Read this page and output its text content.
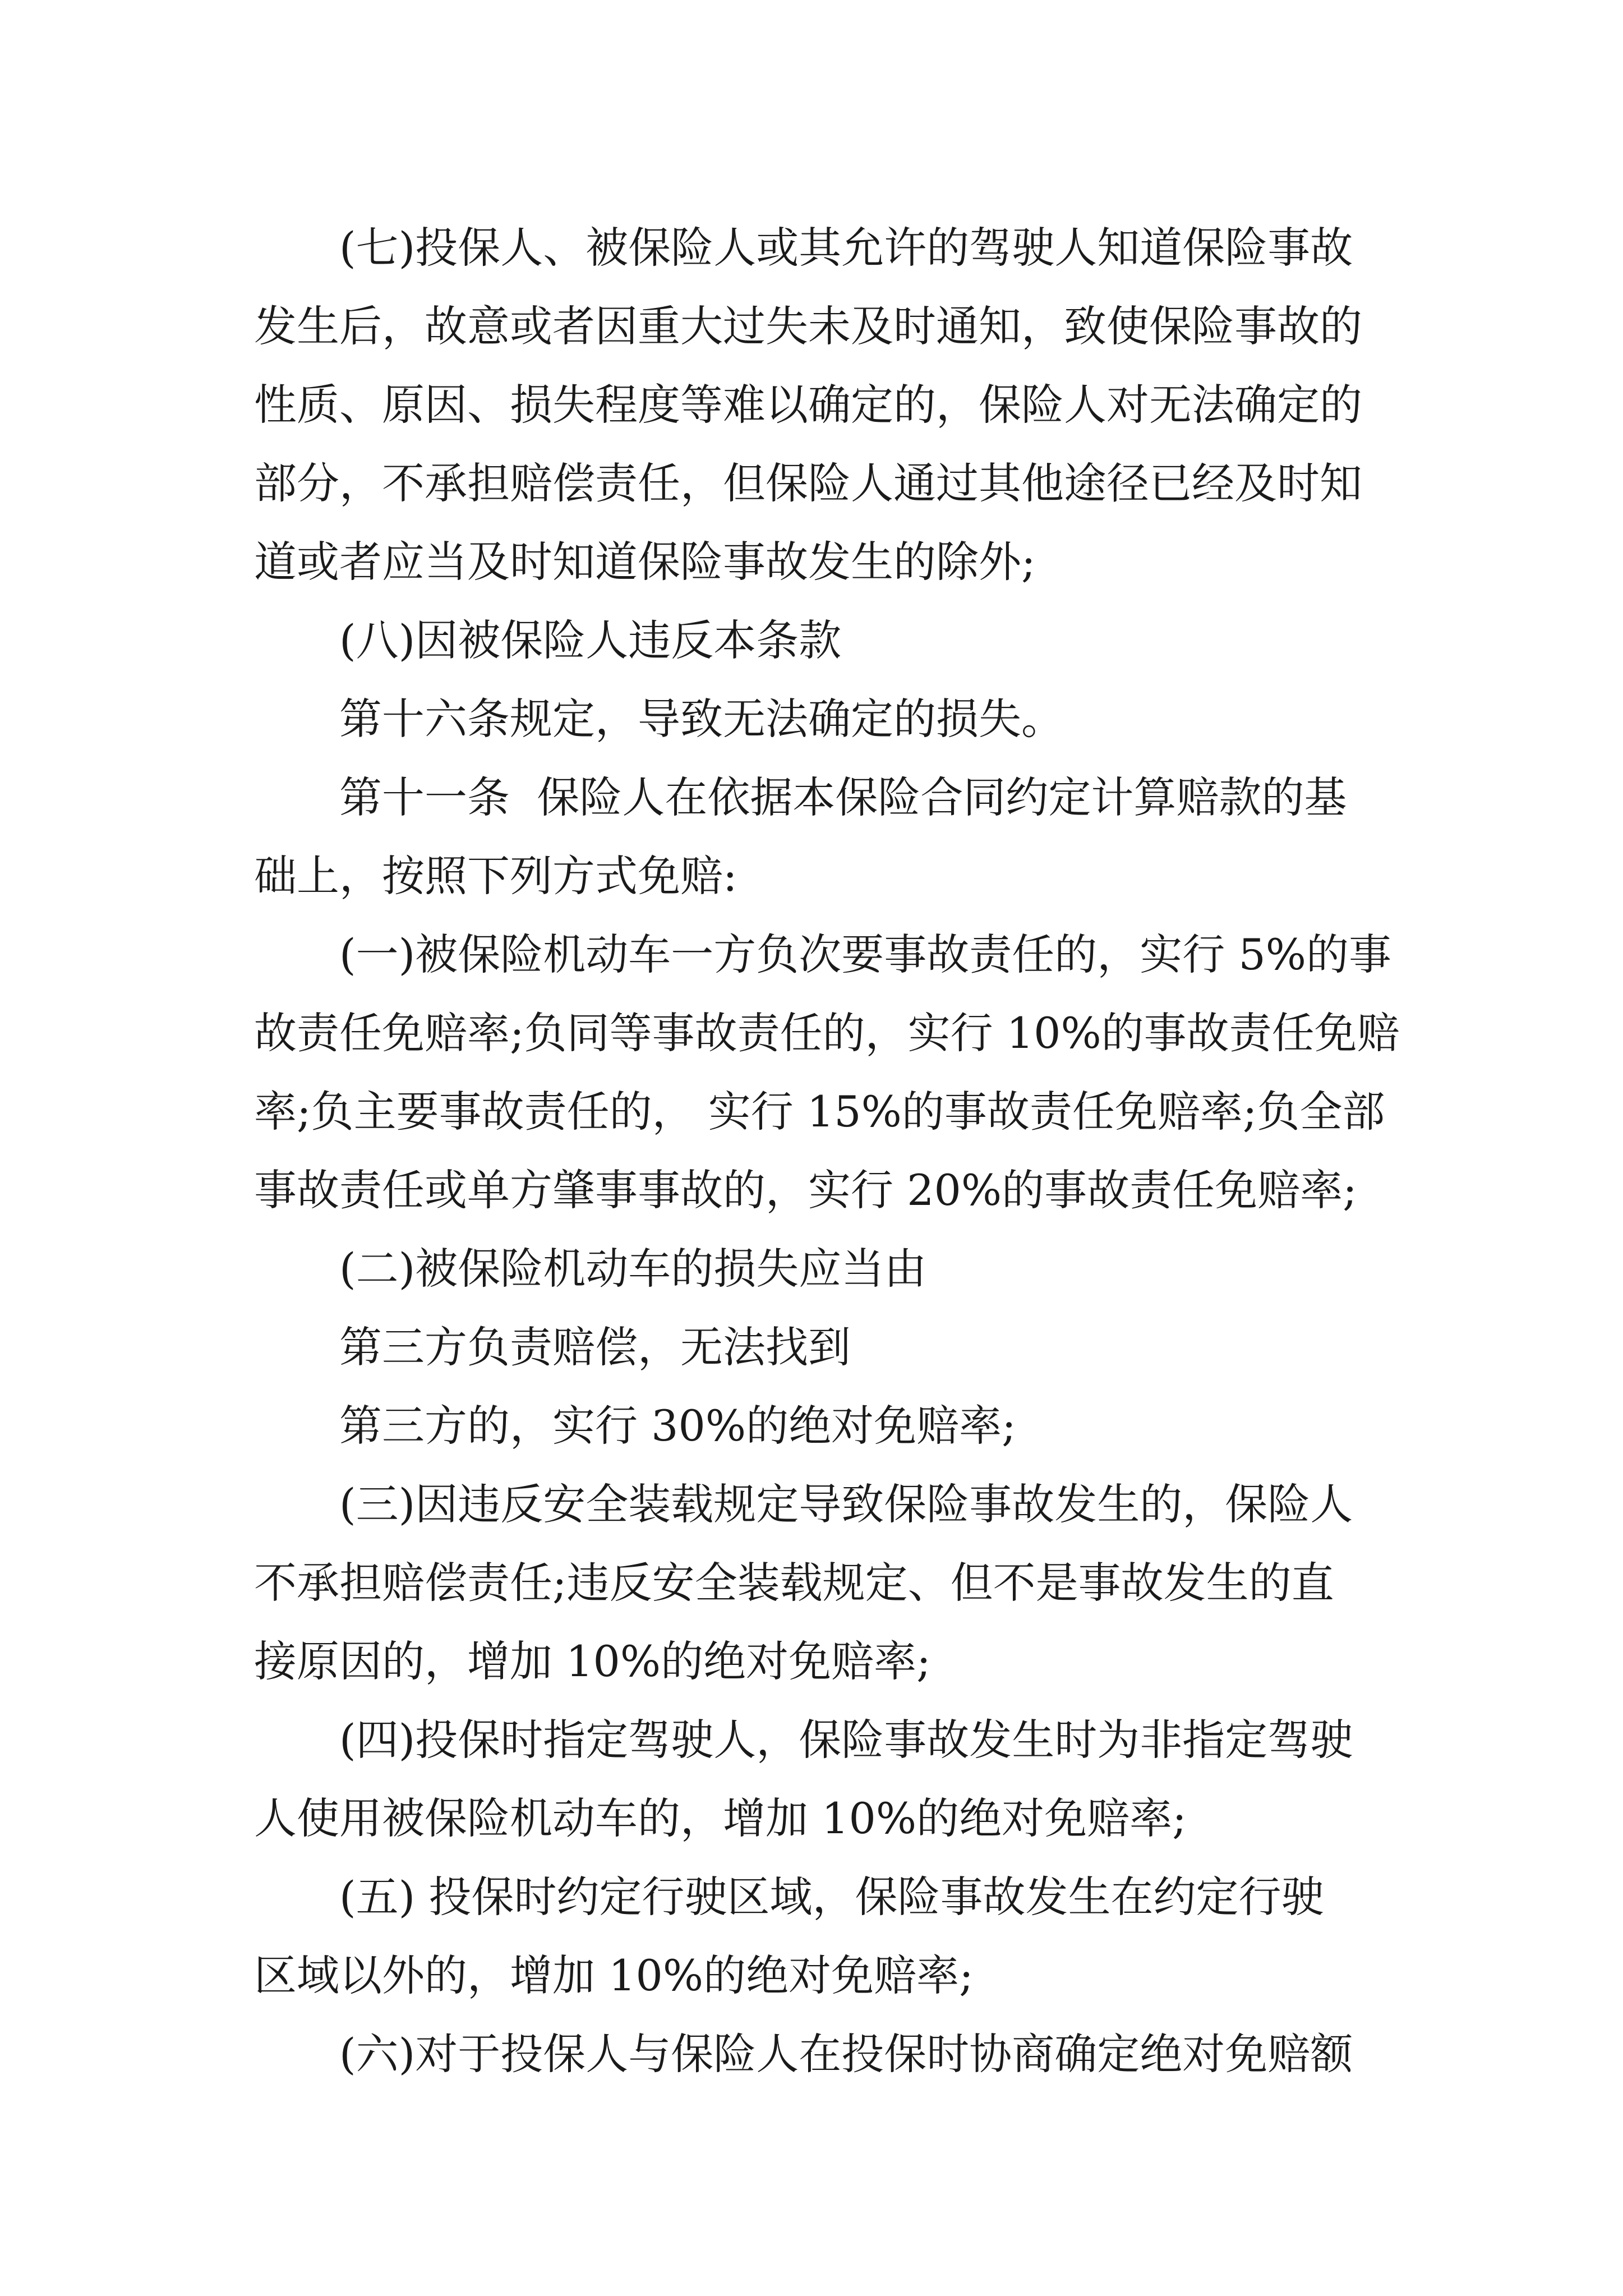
(七)投保人、被保险人或其允许的驾驶人知道保险事故
发生后，故意或者因重大过失未及时通知，致使保险事故的
性质、原因、损失程度等难以确定的，保险人对无法确定的
部分，不承担赔偿责任，但保险人通过其他途径已经及时知
道或者应当及时知道保险事故发生的除外;
(八)因被保险人违反本条款
第十六条规定，导致无法确定的损失。
第十一条  保险人在依据本保险合同约定计算赔款的基
础上，按照下列方式免赔:
(一)被保险机动车一方负次要事故责任的，实行 5%的事
故责任免赔率;负同等事故责任的，实行 10%的事故责任免赔
率;负主要事故责任的， 实行 15%的事故责任免赔率;负全部
事故责任或单方肇事事故的，实行 20%的事故责任免赔率;
(二)被保险机动车的损失应当由
第三方负责赔偿，无法找到
第三方的，实行 30%的绝对免赔率;
(三)因违反安全装载规定导致保险事故发生的，保险人
不承担赔偿责任;违反安全装载规定、但不是事故发生的直
接原因的，增加 10%的绝对免赔率;
(四)投保时指定驾驶人，保险事故发生时为非指定驾驶
人使用被保险机动车的，增加 10%的绝对免赔率;
(五) 投保时约定行驶区域，保险事故发生在约定行驶
区域以外的，增加 10%的绝对免赔率;
(六)对于投保人与保险人在投保时协商确定绝对免赔额
